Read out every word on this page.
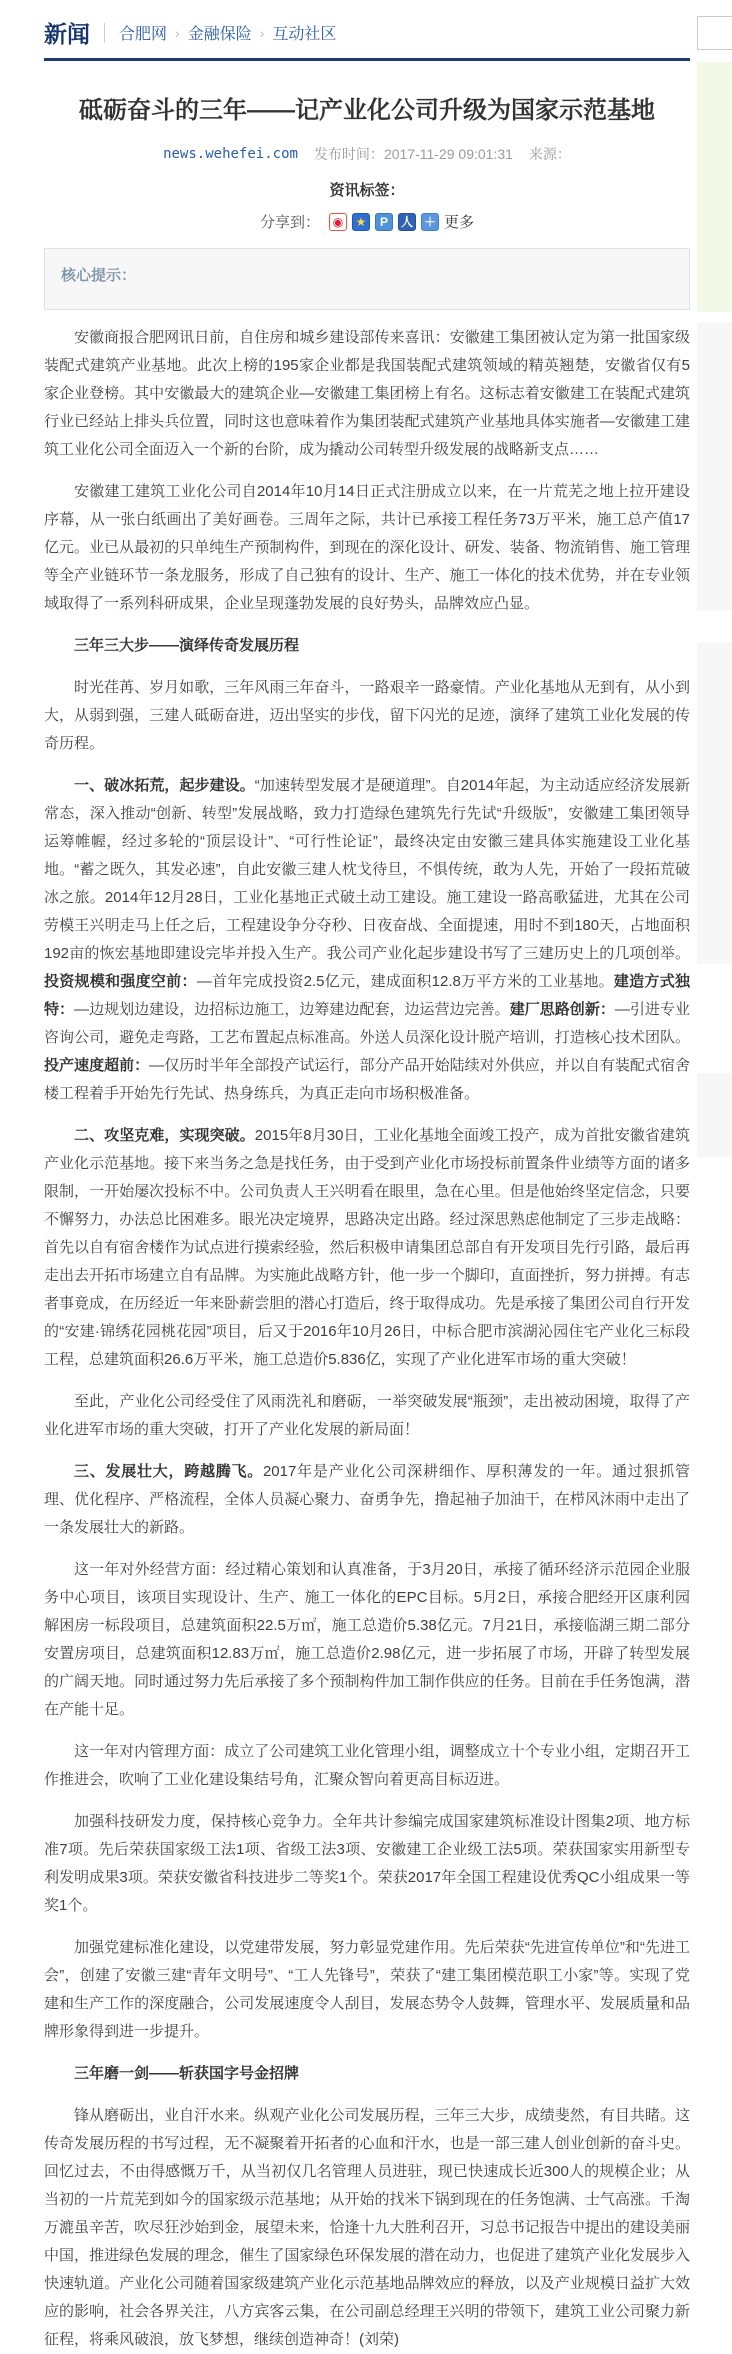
新闻 合肥网 › 金融保险 › 互动社区
砥砺奋斗的三年——记产业化公司升级为国家示范基地
news.wehefei.com 发布时间：2017-11-29 09:01:31 来源：
资讯标签：
分享到：	◉	★	P	人 ＋ 更多
核心提示：
安徽商报合肥网讯日前，自住房和城乡建设部传来喜讯：安徽建工集团被认定为第一批国家级装配式建筑产业基地。此次上榜的195家企业都是我国装配式建筑领域的精英翘楚，安徽省仅有5家企业登榜。其中安徽最大的建筑企业—安徽建工集团榜上有名。这标志着安徽建工在装配式建筑行业已经站上排头兵位置，同时这也意味着作为集团装配式建筑产业基地具体实施者—安徽建工建筑工业化公司全面迈入一个新的台阶，成为撬动公司转型升级发展的战略新支点……
安徽建工建筑工业化公司自2014年10月14日正式注册成立以来，在一片荒芜之地上拉开建设序幕，从一张白纸画出了美好画卷。三周年之际，共计已承接工程任务73万平米，施工总产值17亿元。业已从最初的只单纯生产预制构件，到现在的深化设计、研发、装备、物流销售、施工管理等全产业链环节一条龙服务，形成了自己独有的设计、生产、施工一体化的技术优势，并在专业领域取得了一系列科研成果，企业呈现蓬勃发展的良好势头，品牌效应凸显。
三年三大步——演绎传奇发展历程
时光荏苒、岁月如歌，三年风雨三年奋斗，一路艰辛一路豪情。产业化基地从无到有，从小到大，从弱到强，三建人砥砺奋进，迈出坚实的步伐，留下闪光的足迹，演绎了建筑工业化发展的传奇历程。
一、破冰拓荒，起步建设。“加速转型发展才是硬道理”。自2014年起，为主动适应经济发展新常态，深入推动“创新、转型”发展战略，致力打造绿色建筑先行先试“升级版”，安徽建工集团领导运筹帷幄，经过多轮的“顶层设计”、“可行性论证”，最终决定由安徽三建具体实施建设工业化基地。“蓄之既久，其发必速”，自此安徽三建人枕戈待旦，不惧传统，敢为人先，开始了一段拓荒破冰之旅。2014年12月28日，工业化基地正式破土动工建设。施工建设一路高歌猛进，尤其在公司劳模王兴明走马上任之后，工程建设争分夺秒、日夜奋战、全面提速，用时不到180天，占地面积192亩的恢宏基地即建设完毕并投入生产。我公司产业化起步建设书写了三建历史上的几项创举。投资规模和强度空前：—首年完成投资2.5亿元，建成面积12.8万平方米的工业基地。建造方式独特：—边规划边建设，边招标边施工，边筹建边配套，边运营边完善。建厂思路创新：—引进专业咨询公司，避免走弯路，工艺布置起点标准高。外送人员深化设计脱产培训，打造核心技术团队。投产速度超前：—仅历时半年全部投产试运行，部分产品开始陆续对外供应，并以自有装配式宿舍楼工程着手开始先行先试、热身练兵，为真正走向市场积极准备。
二、攻坚克难，实现突破。2015年8月30日，工业化基地全面竣工投产，成为首批安徽省建筑产业化示范基地。接下来当务之急是找任务，由于受到产业化市场投标前置条件业绩等方面的诸多限制，一开始屡次投标不中。公司负责人王兴明看在眼里，急在心里。但是他始终坚定信念，只要不懈努力，办法总比困难多。眼光决定境界，思路决定出路。经过深思熟虑他制定了三步走战略：首先以自有宿舍楼作为试点进行摸索经验，然后积极申请集团总部自有开发项目先行引路，最后再走出去开拓市场建立自有品牌。为实施此战略方针，他一步一个脚印，直面挫折，努力拼搏。有志者事竟成，在历经近一年来卧薪尝胆的潜心打造后，终于取得成功。先是承接了集团公司自行开发的“安建·锦绣花园桃花园”项目，后又于2016年10月26日，中标合肥市滨湖沁园住宅产业化三标段工程，总建筑面积26.6万平米，施工总造价5.836亿，实现了产业化进军市场的重大突破！
至此，产业化公司经受住了风雨洗礼和磨砺，一举突破发展“瓶颈”，走出被动困境，取得了产业化进军市场的重大突破，打开了产业化发展的新局面！
三、发展壮大，跨越腾飞。2017年是产业化公司深耕细作、厚积薄发的一年。通过狠抓管理、优化程序、严格流程，全体人员凝心聚力、奋勇争先，撸起袖子加油干，在栉风沐雨中走出了一条发展壮大的新路。
这一年对外经营方面：经过精心策划和认真准备，于3月20日，承接了循环经济示范园企业服务中心项目，该项目实现设计、生产、施工一体化的EPC目标。5月2日，承接合肥经开区康利园解困房一标段项目，总建筑面积22.5万㎡，施工总造价5.38亿元。7月21日，承接临湖三期二部分安置房项目，总建筑面积12.83万㎡，施工总造价2.98亿元，进一步拓展了市场，开辟了转型发展的广阔天地。同时通过努力先后承接了多个预制构件加工制作供应的任务。目前在手任务饱满，潜在产能十足。
这一年对内管理方面：成立了公司建筑工业化管理小组，调整成立十个专业小组，定期召开工作推进会，吹响了工业化建设集结号角，汇聚众智向着更高目标迈进。
加强科技研发力度，保持核心竞争力。全年共计参编完成国家建筑标准设计图集2项、地方标准7项。先后荣获国家级工法1项、省级工法3项、安徽建工企业级工法5项。荣获国家实用新型专利发明成果3项。荣获安徽省科技进步二等奖1个。荣获2017年全国工程建设优秀QC小组成果一等奖1个。
加强党建标准化建设，以党建带发展，努力彰显党建作用。先后荣获“先进宣传单位”和“先进工会”，创建了安徽三建“青年文明号”、“工人先锋号”，荣获了“建工集团模范职工小家”等。实现了党建和生产工作的深度融合，公司发展速度令人刮目，发展态势令人鼓舞，管理水平、发展质量和品牌形象得到进一步提升。
三年磨一剑——斩获国字号金招牌
锋从磨砺出，业自汗水来。纵观产业化公司发展历程，三年三大步，成绩斐然，有目共睹。这传奇发展历程的书写过程，无不凝聚着开拓者的心血和汗水，也是一部三建人创业创新的奋斗史。回忆过去，不由得感慨万千，从当初仅几名管理人员进驻，现已快速成长近300人的规模企业；从当初的一片荒芜到如今的国家级示范基地；从开始的找米下锅到现在的任务饱满、士气高涨。千淘万漉虽辛苦，吹尽狂沙始到金，展望未来，恰逢十九大胜利召开，习总书记报告中提出的建设美丽中国，推进绿色发展的理念，催生了国家绿色环保发展的潜在动力，也促进了建筑产业化发展步入快速轨道。产业化公司随着国家级建筑产业化示范基地品牌效应的释放，以及产业规模日益扩大效应的影响，社会各界关注，八方宾客云集，在公司副总经理王兴明的带领下，建筑工业公司聚力新征程，将乘风破浪，放飞梦想，继续创造神奇！(刘荣)
